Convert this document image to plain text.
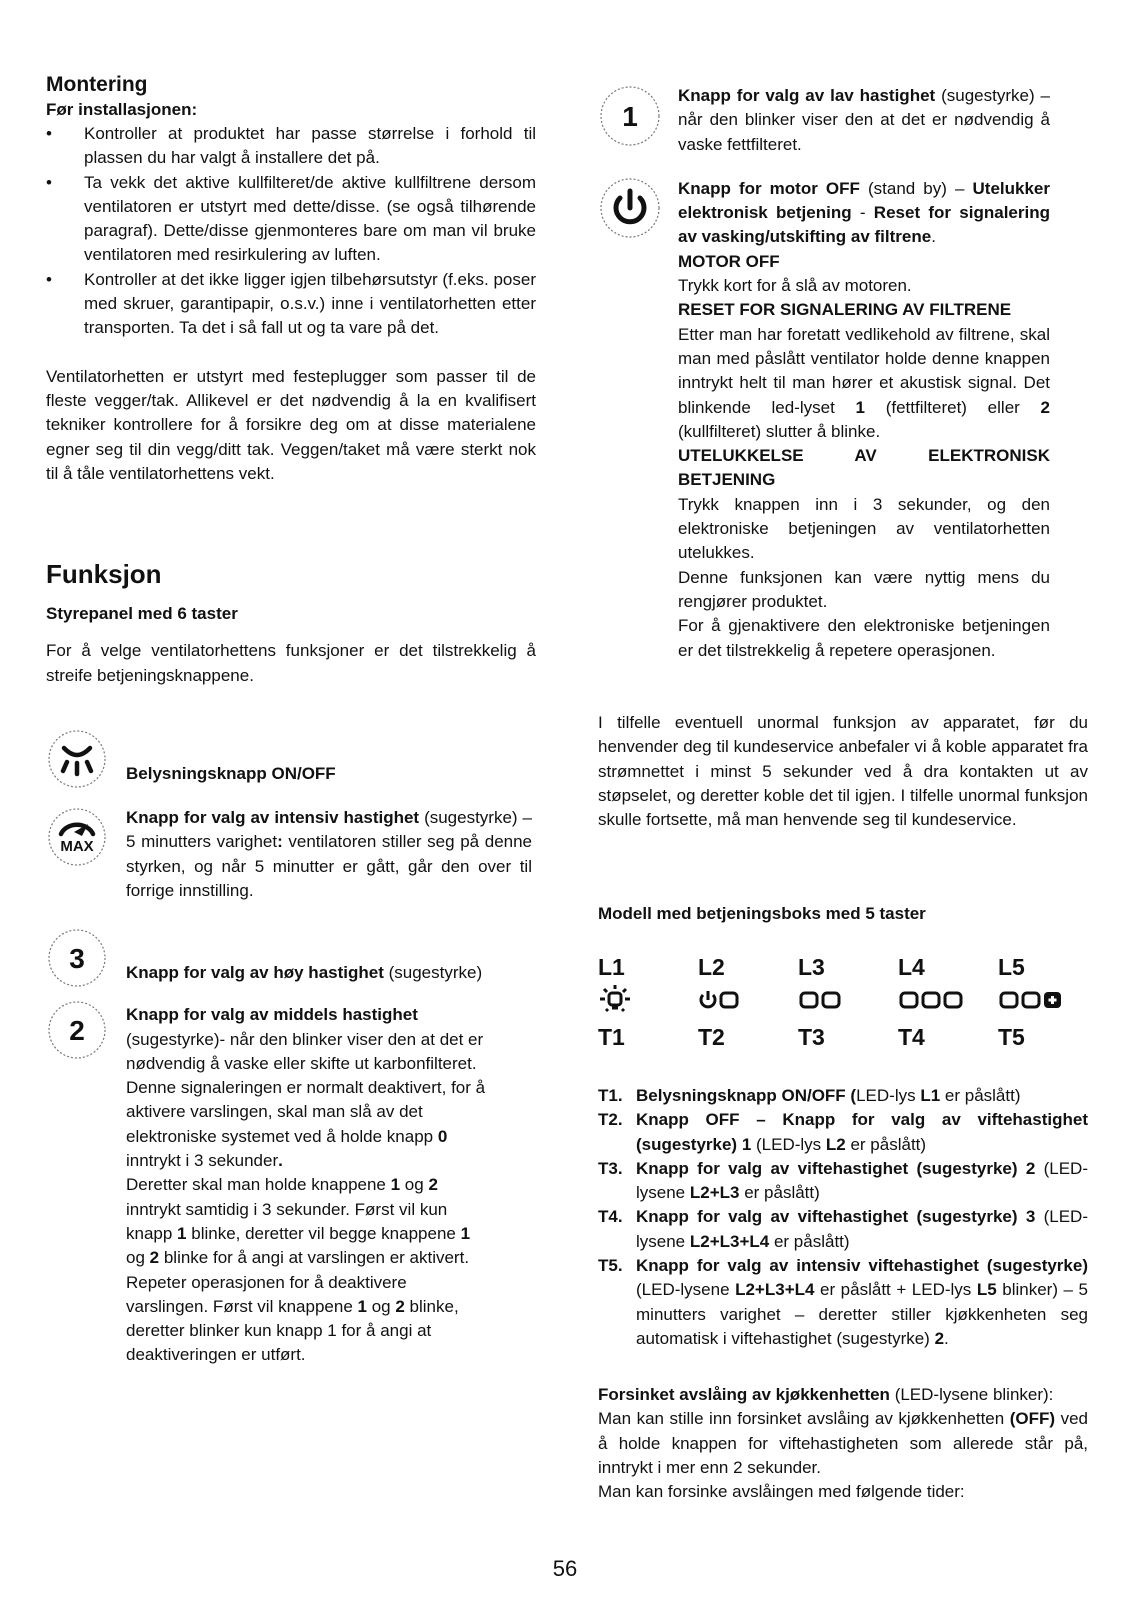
Montering
Før installasjonen:
• Kontroller at produktet har passe størrelse i forhold til plassen du har valgt å installere det på.
• Ta vekk det aktive kullfilteret/de aktive kullfiltrene dersom ventilatoren er utstyrt med dette/disse. (se også tilhørende paragraf). Dette/disse gjenmonteres bare om man vil bruke ventilatoren med resirkulering av luften.
• Kontroller at det ikke ligger igjen tilbehørsutstyr (f.eks. poser med skruer, garantipapir, o.s.v.) inne i ventilatorhetten etter transporten. Ta det i så fall ut og ta vare på det.

Ventilatorhetten er utstyrt med festeplugger som passer til de fleste vegger/tak. Allikevel er det nødvendig å la en kvalifisert tekniker kontrollere for å forsikre deg om at disse materialene egner seg til din vegg/ditt tak. Veggen/taket må være sterkt nok til å tåle ventilatorhettens vekt.

Funksjon

Styrepanel med 6 taster

For å velge ventilatorhettens funksjoner er det tilstrekkelig å streife betjeningsknappene.

Belysningsknapp ON/OFF

MAX

Knapp for valg av intensiv hastighet (sugestyrke) – 5 minutters varighet: ventilatoren stiller seg på denne styrken, og når 5 minutter er gått, går den over til forrige innstilling.

3 Knapp for valg av høy hastighet (sugestyrke)

2

Knapp for valg av middels hastighet

(sugestyrke)- når den blinker viser den at det er

nødvendig å vaske eller skifte ut karbonfilteret.

Denne signaleringen er normalt deaktivert, for å

aktivere varslingen, skal man slå av det

elektroniske systemet ved å holde knapp 0

inntrykt i 3 sekunder.

Deretter skal man holde knappene 1 og 2

inntrykt samtidig i 3 sekunder. Først vil kun

knapp 1 blinke, deretter vil begge knappene 1

og 2 blinke for å angi at varslingen er aktivert.

Repeter operasjonen for å deaktivere

varslingen. Først vil knappene 1 og 2 blinke,

deretter blinker kun knapp 1 for å angi at

deaktiveringen er utført.

1

Knapp for valg av lav hastighet (sugestyrke) – når den blinker viser den at det er nødvendig å vaske fettfilteret.

Knapp for motor OFF (stand by) – Utelukker elektronisk betjening - Reset for signalering av vasking/utskifting av filtrene.

MOTOR OFF

Trykk kort for å slå av motoren.

RESET FOR SIGNALERING AV FILTRENE

Etter man har foretatt vedlikehold av filtrene, skal man med påslått ventilator holde denne knappen inntrykt helt til man hører et akustisk signal. Det blinkende led-lyset 1 (fettfilteret) eller 2 (kullfilteret) slutter å blinke.

UTELUKKELSE AV ELEKTRONISK BETJENING

Trykk knappen inn i 3 sekunder, og den elektroniske betjeningen av ventilatorhetten utelukkes.

Denne funksjonen kan være nyttig mens du rengjører produktet.

For å gjenaktivere den elektroniske betjeningen er det tilstrekkelig å repetere operasjonen.

I tilfelle eventuell unormal funksjon av apparatet, før du henvender deg til kundeservice anbefaler vi å koble apparatet fra strømnettet i minst 5 sekunder ved å dra kontakten ut av støpselet, og deretter koble det til igjen. I tilfelle unormal funksjon skulle fortsette, må man henvende seg til kundeservice.

Modell med betjeningsboks med 5 taster

L1	L2	L3	L4	L5
T1	T2	T3	T4	T5
T1. Belysningsknapp ON/OFF (LED-lys L1 er påslått)
T2. Knapp OFF – Knapp for valg av viftehastighet (sugestyrke) 1 (LED-lys L2 er påslått)
T3. Knapp for valg av viftehastighet (sugestyrke) 2 (LED-lysene L2+L3 er påslått)
T4. Knapp for valg av viftehastighet (sugestyrke) 3 (LED-lysene L2+L3+L4 er påslått)
T5. Knapp for valg av intensiv viftehastighet (sugestyrke) (LED-lysene L2+L3+L4 er påslått + LED-lys L5 blinker) – 5 minutters varighet – deretter stiller kjøkkenheten seg automatisk i viftehastighet (sugestyrke) 2.

Forsinket avslåing av kjøkkenhetten (LED-lysene blinker):

Man kan stille inn forsinket avslåing av kjøkkenhetten (OFF) ved å holde knappen for viftehastigheten som allerede står på, inntrykt i mer enn 2 sekunder.

Man kan forsinke avslåingen med følgende tider:

56
